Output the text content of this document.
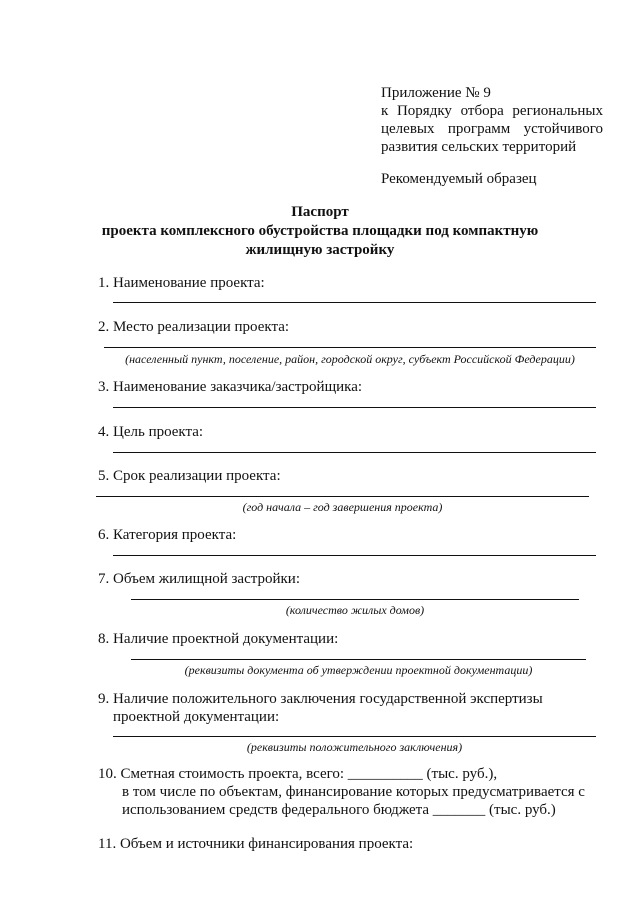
Приложение № 9
к Порядку отбора региональных
целевых программ устойчивого
развития сельских территорий
Рекомендуемый образец
Паспорт
проекта комплексного обустройства площадки под компактную
жилищную застройку
1. Наименование проекта:
2. Место реализации проекта:
(населенный пункт, поселение, район, городской округ, субъект Российской Федерации)
3. Наименование заказчика/застройщика:
4. Цель проекта:
5. Срок реализации проекта:
(год начала – год завершения проекта)
6. Категория проекта:
7. Объем жилищной застройки:
(количество жилых домов)
8. Наличие проектной документации:
(реквизиты документа об утверждении проектной документации)
9. Наличие положительного заключения государственной экспертизы
проектной документации:
(реквизиты положительного заключения)
10. Сметная стоимость проекта, всего: __________ (тыс. руб.),
в том числе по объектам, финансирование которых предусматривается с
использованием средств федерального бюджета _______ (тыс. руб.)
11. Объем и источники финансирования проекта:
